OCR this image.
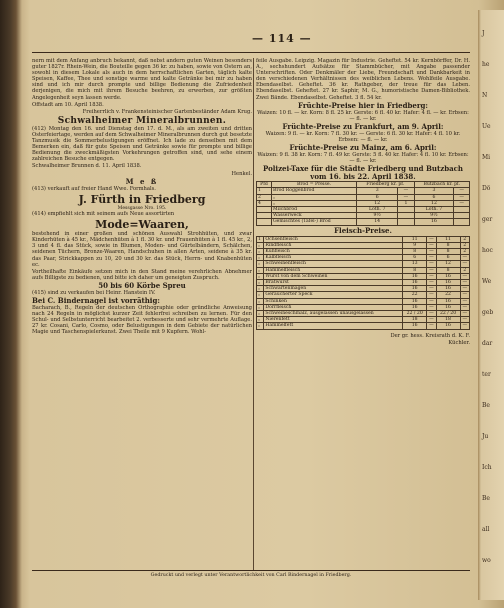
— 114 —

nern mit dem Anfang anbruch bekannt, daß nebst andern guten Weinen besonders guter 1827r. Rhein-Wein, die Bouteille gegen 36 kr. zu haben, sowie von Ostern an, sowohl in diesem Lokale als auch in dem herrschaftlichen Garten, täglich kalte Speisen, Kaffee, Thee und sonstige warme und kalte Getränke bei mir zu haben sind und ich mir durch prompte und billige Bedienung die Zufriedenheit derjenigen, die mich mit ihrem Besuche beehren, zu erwerben, zur größten Angelegenheit seyn lassen werde.

Offstadt am 10. April 1838.

Freiherrlich v. Frankensteinischer Gartenbeständer Adam Krug.

Schwalheimer Mineralbrunnen.

(412) Montag den 16. und Dienstag den 17. d. M., als am zweiten und dritten Osterfeiertage, werden auf dem Schwalheimer Mineralbrunnen durch gut besetzte Tanzmusik die Sommerbelustigungen eröffnet. Ich lade zu denselben mit dem Bemerken ein, daß für gute Speisen und Getränke sowie für prompte und billige Bedienung die zweckmäßigsten Vorkehrungen getroffen sind, und sehe einem zahlreichen Besuche entgegen.

Schwalheimer Brunnen d. 11. April 1838.

Henkel.

M e ß

(413) verkauft auf freier Hand Wwe. Formhals.

J. Fürth in Friedberg
Messgasse Nro. 195.

(414) empfiehlt sich mit seinem aufs Neue assortirten

Mode=Waaren,

bestehend in einer großen und schönen Auswahl Strohhüten, und zwar Kinderhüten à 45 kr., Mädchenhüten à 1 fl. 30 kr. und Frauenhüten à 1 fl. 45 kr., 2, 3 und 4 fl. das Stück, sowie in Blumen, Moden- und Gürtelbändern, Schälchen, seidenen Tüchern, Bronze-Waaren, Handschuhen in allen Arten, seidene à 35 kr. das Paar, Strickkappen zu 10, 20 und 30 kr. das Stück, Herrn- und Knabenhüten ec.

Vortheilhafte Einkäufe setzen mich in den Stand meine verehrlichen Abnehmer aufs Billigste zu bedienen, und bitte ich daher um geneigten Zuspruch.

50 bis 60 Körbe Spreu

(415) sind zu verkaufen bei Heinr. Hanstein IV.

Bei C. Bindernagel ist vorräthig:

Bacharach, B., Regeln der deutschen Orthographie oder gründliche Anweisung nach 24 Regeln in möglichst kurzer Zeit fehlerfrei schreiben zu lernen. Für den Schul- und Selbstunterricht bearbeitet 2. verbesserte und sehr vermehrte Auflage. 27 kr. Cosani, Carlo, Cosmo, oder Belustigungen in dem Gebiete der natürlichen Magie und Taschenspielerkunst. Zwei Theile mit 9 Kupfern. Wohl-

feile Ausgabe. Leipzig. Magazin für Industrie. Geheftet. 54 kr. Kernbörffer, Dr. H. A., sechshundert Aufsätze für Stammbücher, mit Angabe passender Unterschriften. Oder Denkmäler der Liebe, Freundschaft und Dankbarkeit in den verschiedenen Verhältnissen des weiblichen Lebens. Wohlfeile Ausgabe. Ebendaselbst. Geheftet. 36 kr. Rathgeber, der treue für das Leben. Ebendaselbst. Geheftet. 27 kr. Saphir, M. G., humoristische Damen-Bibliothek. Zwei Bände. Ebendaselbst. Geheftet. 3 fl. 54 kr.

Früchte-Preise hier in Friedberg:

Waizen: 10 fl. — kr. Korn: 8 fl. 25 kr. Gerste: 6 fl. 40 kr. Hafer: 4 fl. — kr. Erbsen: — fl. — kr.

Früchte-Preise zu Frankfurt, am 9. April:

Waizen: 9 fl. — kr. Korn: 7 fl. 30 kr. — Gerste: 6 fl. 30 kr. Hafer: 4 fl. 10 kr. Erbsen: — fl. — kr.

Früchte-Preise zu Mainz, am 6. April:

Waizen: 9 fl. 38 kr. Korn: 7 fl. 49 kr. Gerste: 5 fl. 40 kr. Hafer: 4 fl. 10 kr. Erbsen: — fl. — kr.

Polizei-Taxe für die Städte Friedberg und Butzbach vom 16. bis 22. April 1838.
Pfd	Brod = Preise.	Friedberg kr. pf.		Butzbach kr. pf.	
1	Brod Roggenbrod	3	—	3	—
2	„	6	—	6	—
4	„	12	1	12	—
	Milchbrod	Loth. 7		Loth. 7	
	Wasserweck	9½		9½	
	Gemischtes (Tafel-) Brod	14		16	
Fleisch-Preise.
1	Ochsenfleisch	11	—	11	2
„	Rindfleisch	9	—	8	2
„	Kuhfleisch	8	—	8	2
„	Kalbfleisch	6	—	6	—
„	Schweinenfleisch	13	—	12	—
„	Hammelfleisch	8	—	8	2
„	Wurst von dem Schweinen	16	—	16	—
„	Bratwurst	16	—	16	—
„	Schwartenmagen	16	—	16	—
„	Geräucherter Speck	22	—	22	—
„	Schinken	16	—	16	—
„	Dörrfleisch	16	—	16	—
„	Schweineschmalz, ausgelassen unausgelassen	22 / 20	—	22 / 20	—
„	Nierenfett	18	—	18	—
„	Hammelfett	16	—	16	—

Der gr. hess. Kreisrath d. K. F.

Küchler.

Gedruckt und verlegt unter Verantwortlichkeit von Carl Bindernagel in Friedberg.
J
he
N
Ue
Mi
Dö
ger
hoc
We
geb
dar
ter
Be
Ju
Ich
Be
all
wo
